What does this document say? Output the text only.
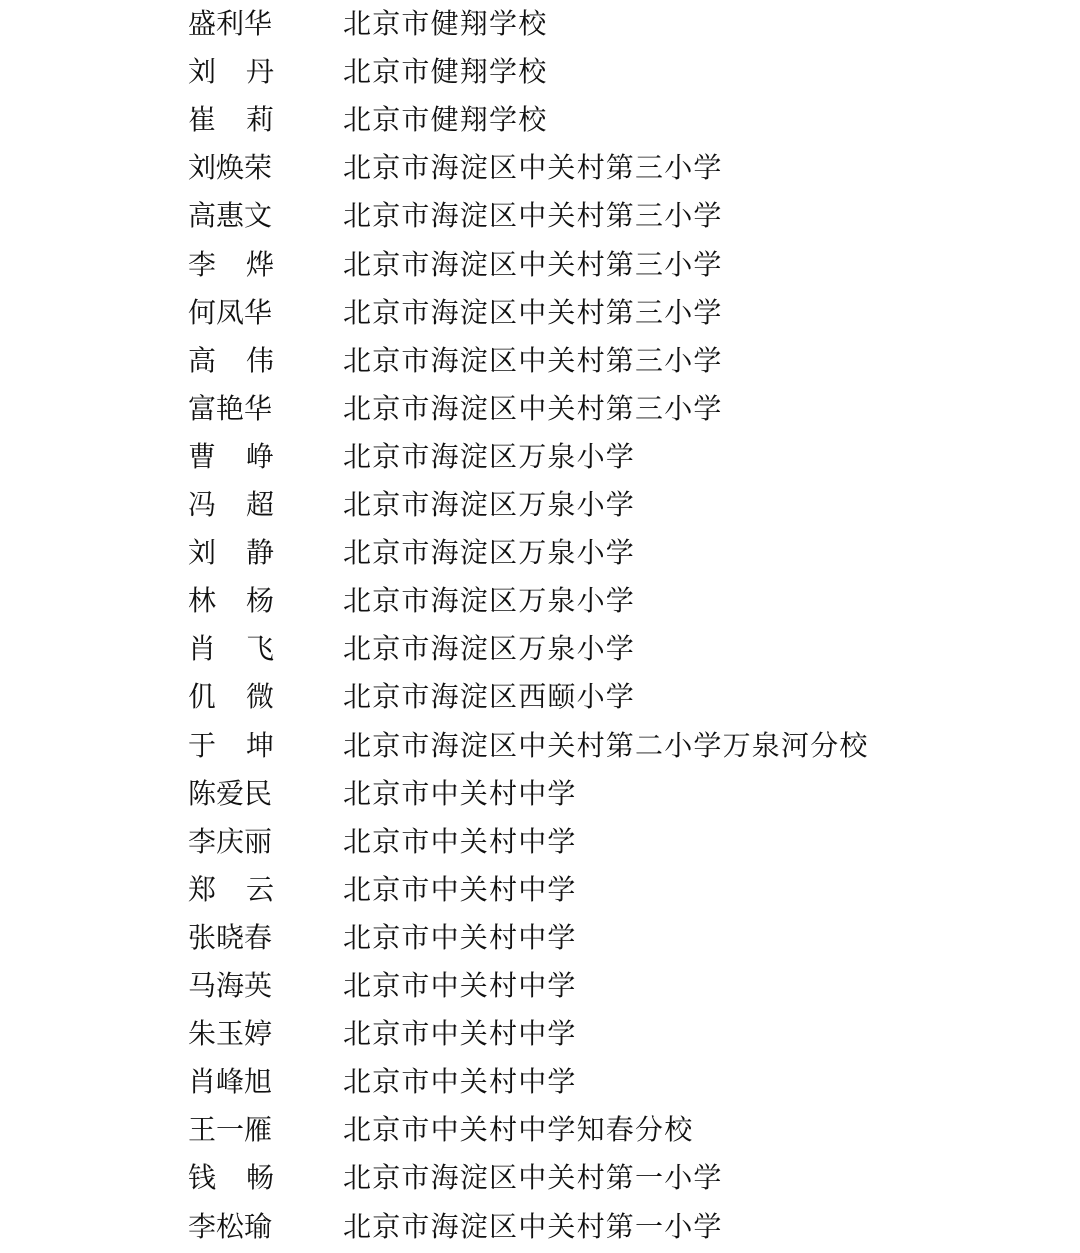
盛利华	北京市健翔学校
刘 丹 北京市健翔学校
崔 莉 北京市健翔学校
刘焕荣	北京市海淀区中关村第三小学
高惠文	北京市海淀区中关村第三小学
李 烨 北京市海淀区中关村第三小学
何凤华	北京市海淀区中关村第三小学
高 伟 北京市海淀区中关村第三小学
富艳华	北京市海淀区中关村第三小学
曹 峥 北京市海淀区万泉小学
冯 超 北京市海淀区万泉小学
刘 静 北京市海淀区万泉小学
林 杨 北京市海淀区万泉小学
肖 飞 北京市海淀区万泉小学
仉 微 北京市海淀区西颐小学
于 坤 北京市海淀区中关村第二小学万泉河分校
陈爱民	北京市中关村中学
李庆丽	北京市中关村中学
郑 云 北京市中关村中学
张晓春	北京市中关村中学
马海英	北京市中关村中学
朱玉婷	北京市中关村中学
肖峰旭	北京市中关村中学
王一雁	北京市中关村中学知春分校
钱 畅 北京市海淀区中关村第一小学
李松瑜	北京市海淀区中关村第一小学
